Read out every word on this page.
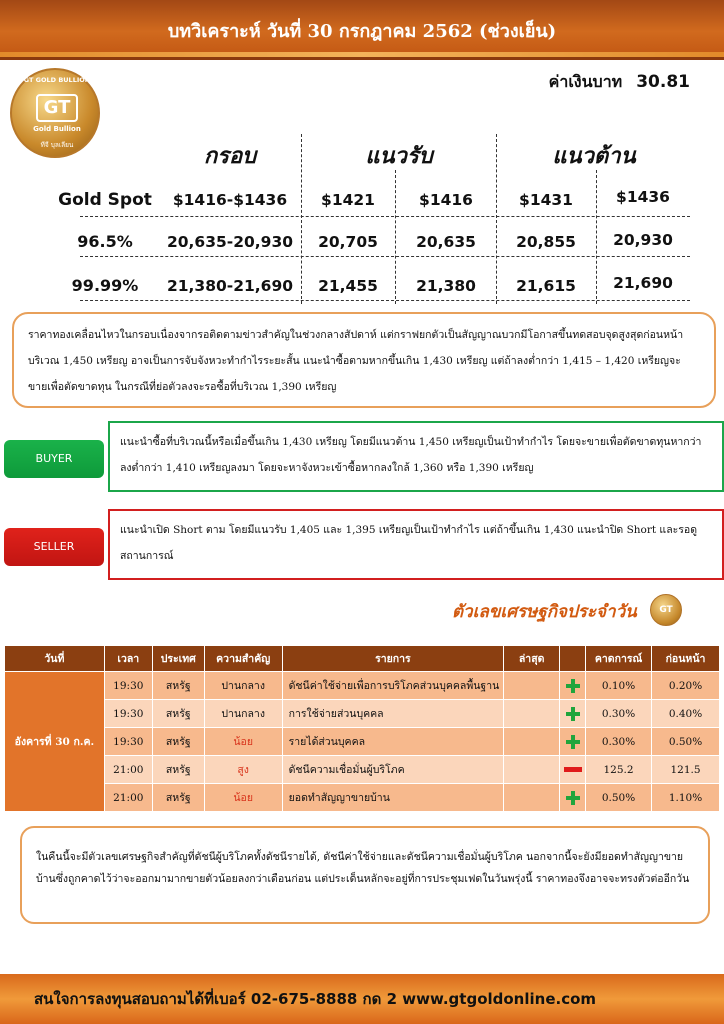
บทวิเคราะห์ วันที่ 30 กรกฎาคม 2562 (ช่วงเย็น)
GT GOLD BULLION
GT
Gold Bullion
ทีจี บุลเลียน
ค่าเงินบาท 30.81
กรอบ	แนวรับ	แนวต้าน
Gold Spot	$1416-$1436	$1421	$1416	$1431	$1436
96.5%	20,635-20,930	20,705	20,635	20,855	20,930
99.99%	21,380-21,690	21,455	21,380	21,615	21,690

ราคาทองเคลื่อนไหวในกรอบเนื่องจากรอติดตามข่าวสำคัญในช่วงกลางสัปดาห์ แต่กราฟยกตัวเป็นสัญญาณบวกมีโอกาสขึ้นทดสอบจุดสูงสุดก่อนหน้าบริเวณ 1,450 เหรียญ อาจเป็นการจับจังหวะทำกำไรระยะสั้น แนะนำซื้อตามหากขึ้นเกิน 1,430 เหรียญ แต่ถ้าลงต่ำกว่า 1,415 – 1,420 เหรียญจะขายเพื่อตัดขาดทุน ในกรณีที่ย่อตัวลงจะรอซื้อที่บริเวณ 1,390 เหรียญ

BUYER

แนะนำซื้อที่บริเวณนี้หรือเมื่อขึ้นเกิน 1,430 เหรียญ โดยมีแนวต้าน 1,450 เหรียญเป็นเป้าทำกำไร โดยจะขายเพื่อตัดขาดทุนหากว่าลงต่ำกว่า 1,410 เหรียญลงมา โดยจะหาจังหวะเข้าซื้อหากลงใกล้ 1,360 หรือ 1,390 เหรียญ

SELLER

แนะนำเปิด Short ตาม โดยมีแนวรับ 1,405 และ 1,395 เหรียญเป็นเป้าทำกำไร แต่ถ้าขึ้นเกิน 1,430 แนะนำปิด Short และรอดูสถานการณ์

ตัวเลขเศรษฐกิจประจำวัน	GT
วันที่	เวลา	ประเทศ	ความสำคัญ	รายการ	ล่าสุด		คาดการณ์	ก่อนหน้า
อังคารที่ 30 ก.ค.	19:30	สหรัฐ	ปานกลาง	ดัชนีค่าใช้จ่ายเพื่อการบริโภคส่วนบุคคลพื้นฐาน			0.10%	0.20%
	19:30	สหรัฐ	ปานกลาง	การใช้จ่ายส่วนบุคคล			0.30%	0.40%
	19:30	สหรัฐ	น้อย	รายได้ส่วนบุคคล			0.30%	0.50%
	21:00	สหรัฐ	สูง	ดัชนีความเชื่อมั่นผู้บริโภค			125.2	121.5
	21:00	สหรัฐ	น้อย	ยอดทำสัญญาขายบ้าน			0.50%	1.10%

ในคืนนี้จะมีตัวเลขเศรษฐกิจสำคัญที่ดัชนีผู้บริโภคทั้งดัชนีรายได้, ดัชนีค่าใช้จ่ายและดัชนีความเชื่อมั่นผู้บริโภค นอกจากนี้จะยังมียอดทำสัญญาขายบ้านซึ่งถูกคาดไว้ว่าจะออกมามากขายตัวน้อยลงกว่าเดือนก่อน แต่ประเด็นหลักจะอยู่ที่การประชุมเฟดในวันพรุ่งนี้ ราคาทองจึงอาจจะทรงตัวต่ออีกวัน

สนใจการลงทุนสอบถามได้ที่เบอร์ 02-675-8888 กด 2 www.gtgoldonline.com
